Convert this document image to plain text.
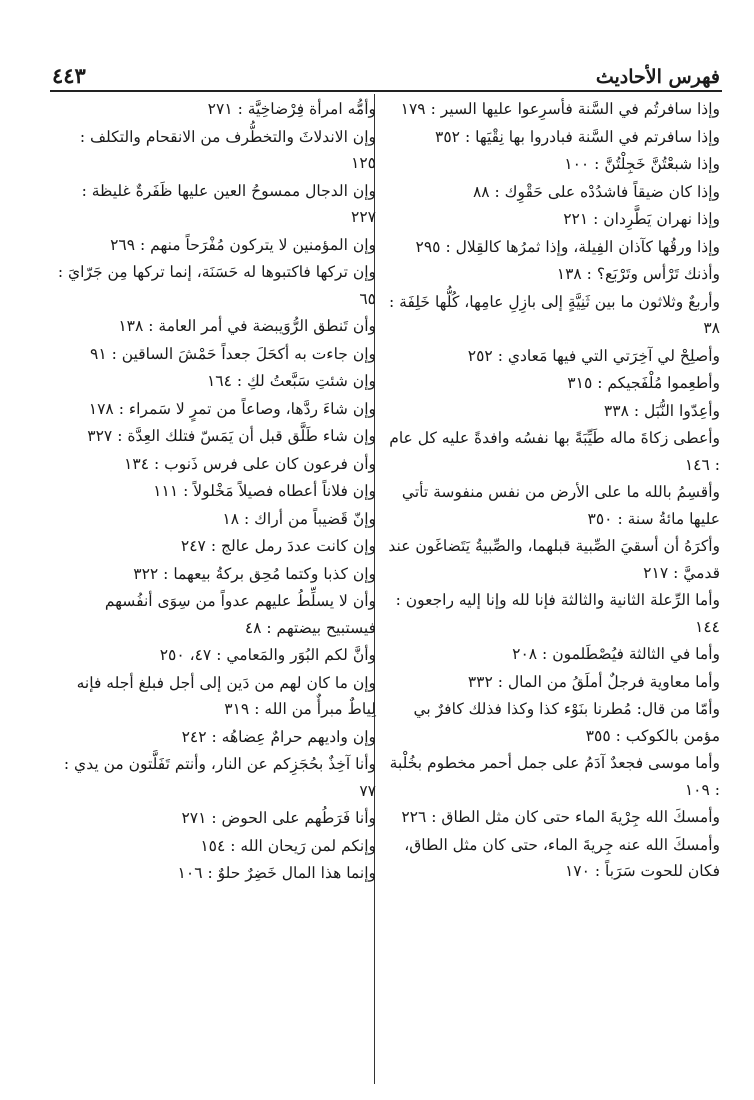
٤٤٣	فهرس الأحاديث
وإذا سافرتُم في السَّنة فأسرِعوا عليها السير : ١٧٩
وإذا سافرتم في السَّنة فبادروا بها نِقْيَها : ٣٥٢
وإذا شبعْتُنَّ خَجِلْتُنَّ : ١٠٠
وإذا كان ضيقاً فاشدُدْه على حَقْوِك : ٨٨
وإذا نهران يَطَّرِدان : ٢٢١
وإذا ورقُها كآذان الفِيلة، وإذا ثمرُها كالقِلال : ٢٩٥
وأذنك تَرْأس وتَرْبَع؟ : ١٣٨
وأربعٌ وثلاثون ما بين ثَنِيَّةٍ إلى بازِلِ عامِها، كُلُّها خَلِفَة : ٣٨
وأصلِحْ لي آخِرَتي التي فيها مَعادي : ٢٥٢
وأطعِموا مُلْفَجيكم : ٣١٥
وأعِدّوا النُّبَل : ٣٣٨
وأعطى زكاةَ ماله طَيِّبَةً بها نفسُه وافدةً عليه كل عام : ١٤٦
وأقسِمُ بالله ما على الأرض من نفس منفوسة تأتي عليها مائةُ سنة : ٣٥٠
وأكرَهُ أن أسقيَ الصِّبية قبلهما، والصِّبيةُ يَتَضاغَون عند قدميَّ : ٢١٧
وأما الرِّعلة الثانية والثالثة فإنا لله وإنا إليه راجعون : ١٤٤
وأما في الثالثة فيُصْطَلمون : ٢٠٨
وأما معاوية فرجلٌ أملَقُ من المال : ٣٣٢
وأمّا من قال: مُطرنا بنَوْء كذا وكذا فذلك كافرٌ بي مؤمن بالكوكب : ٣٥٥
وأما موسى فجعدٌ آدَمُ على جمل أحمر مخطوم بخُلْبة : ١٠٩
وأمسكَ الله جِرْيةَ الماء حتى كان مثل الطاق : ٢٢٦
وأمسكَ الله عنه جِريةَ الماء، حتى كان مثل الطاق، فكان للحوت سَرَباً : ١٧٠
وأمُّه امرأة فِرْضاخِيَّة : ٢٧١
وإن الاندلاثَ والتخطُّرف من الانقحام والتكلف : ١٢٥
وإن الدجال ممسوحُ العين عليها ظَفَرةٌ غليظة : ٢٢٧
وإن المؤمنين لا يتركون مُفْرَحاً منهم : ٢٦٩
وإن تركها فاكتبوها له حَسَنَة، إنما تركها مِن جَرّايَ : ٦٥
وأن تَنطق الرُّوَيبضة في أمر العامة : ١٣٨
وإن جاءت به أكحَلَ جعداً حَمْشَ الساقين : ٩١
وإن شئتِ سَبَّعتُ لكِ : ١٦٤
وإن شاءَ ردَّها، وصاعاً من تمرٍ لا سَمراء : ١٧٨
وإن شاء طَلَّق قبل أن يَمَسّ فتلك العِدَّة : ٣٢٧
وأن فرعون كان على فرس ذَنوب : ١٣٤
وإن فلاناً أعطاه فصيلاً مَخْلولاً : ١١١
وإنّ قَضيباً من أراك : ١٨
وإن كانت عددَ رمل عالج : ٢٤٧
وإن كذبا وكتما مُحِق بركةُ بيعهما : ٣٢٢
وأن لا يسلِّطُ عليهم عدواً من سِوَى أنفُسهم فيستبيح بيضتهم : ٤٨
وأنَّ لكم البُوَر والمَعامي : ٤٧، ٢٥٠
وإن ما كان لهم من دَين إلى أجل فبلغ أجله فإنه لِياطٌ مبرأٌ من الله : ٣١٩
وإن واديهم حرامٌ عِضاهُه : ٢٤٢
وأنا آخِذٌ بحُجَزِكم عن النار، وأنتم تَفَلَّتون من يدي : ٧٧
وأنا فَرَطُهم على الحوض : ٢٧١
وإنكم لمن رَيحان الله : ١٥٤
وإنما هذا المال خَضِرٌ حلوٌ : ١٠٦
